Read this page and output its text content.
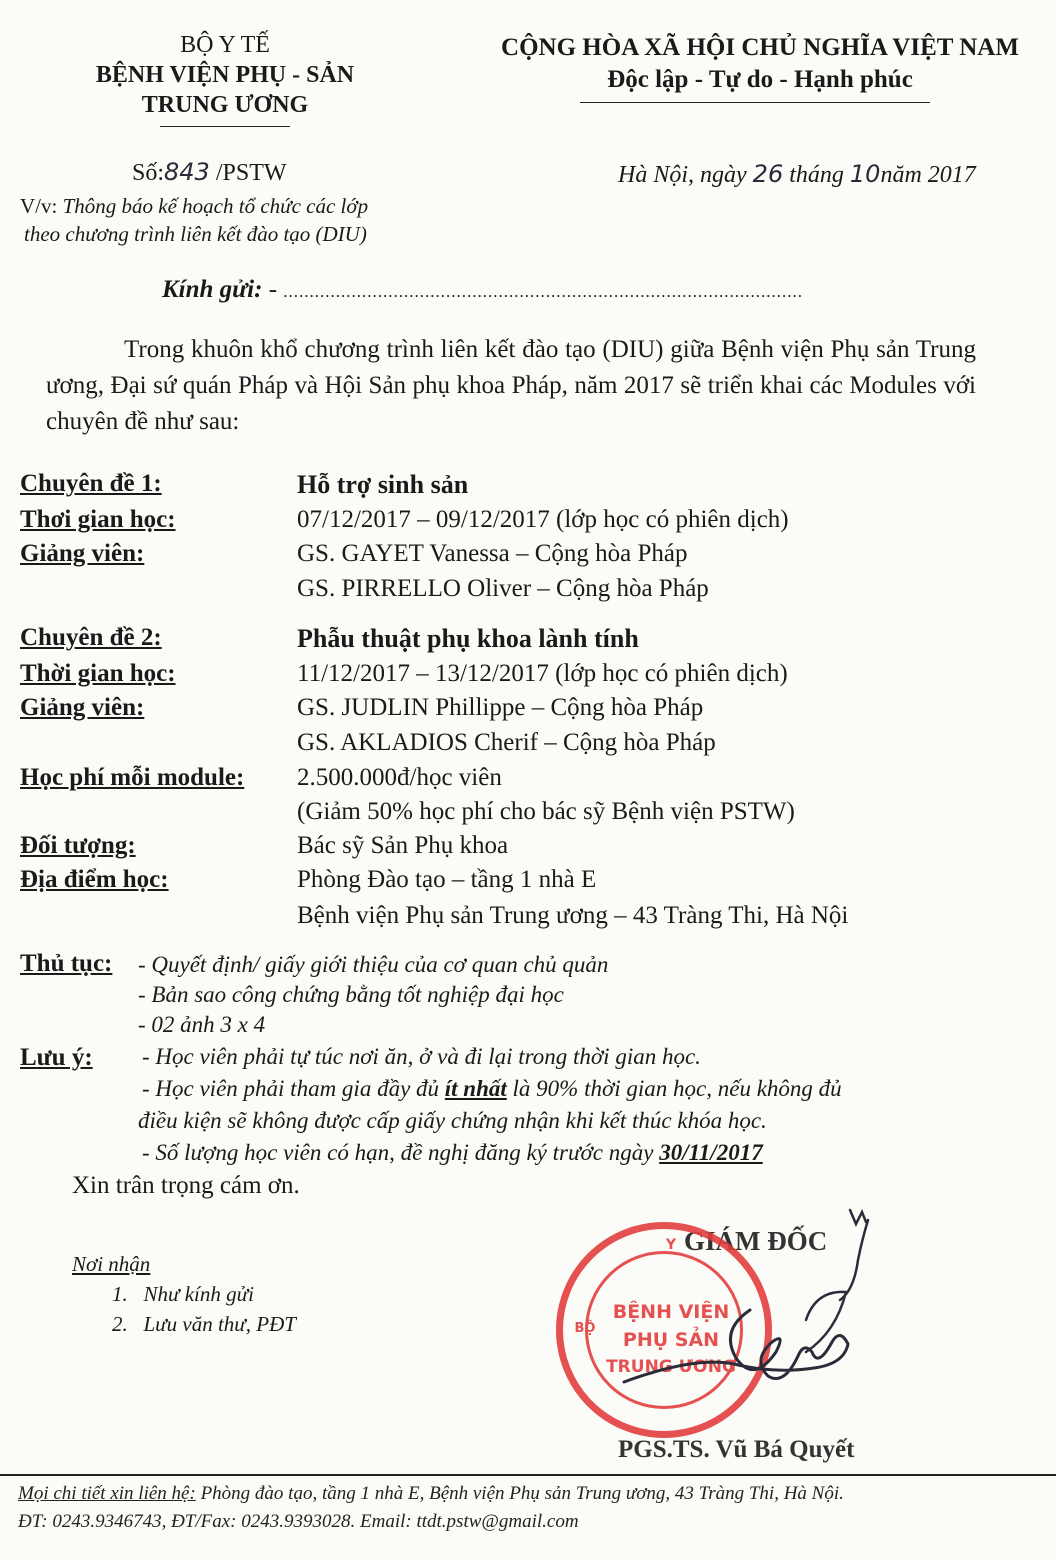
BỘ Y TẾ
BỆNH VIỆN PHỤ - SẢN
TRUNG ƯƠNG
Số:843 /PSTW
V/v: Thông báo kế hoạch tổ chức các lớp
theo chương trình liên kết đào tạo (DIU)
CỘNG HÒA XÃ HỘI CHỦ NGHĨA VIỆT NAM
Độc lập - Tự do - Hạnh phúc
Hà Nội, ngày 26 tháng 10năm 2017
Kính gửi: - ...................................................................................................
Trong khuôn khổ chương trình liên kết đào tạo (DIU) giữa Bệnh viện Phụ sản Trung ương, Đại sứ quán Pháp và Hội Sản phụ khoa Pháp, năm 2017 sẽ triển khai các Modules với chuyên đề như sau:
Chuyên đề 1:	Hỗ trợ sinh sản
Thơi gian học:	07/12/2017 – 09/12/2017 (lớp học có phiên dịch)
Giảng viên:	GS. GAYET Vanessa – Cộng hòa Pháp
GS. PIRRELLO Oliver – Cộng hòa Pháp
Chuyên đề 2:	Phẫu thuật phụ khoa lành tính
Thời gian học:	11/12/2017 – 13/12/2017 (lớp học có phiên dịch)
Giảng viên:	GS. JUDLIN Phillippe – Cộng hòa Pháp
GS. AKLADIOS Cherif – Cộng hòa Pháp
Học phí mỗi module: 2.500.000đ/học viên
(Giảm 50% học phí cho bác sỹ Bệnh viện PSTW)
Đối tượng:	Bác sỹ Sản Phụ khoa
Địa điểm học:	Phòng Đào tạo – tầng 1 nhà E
Bệnh viện Phụ sản Trung ương – 43 Tràng Thi, Hà Nội
Thủ tục: - Quyết định/ giấy giới thiệu của cơ quan chủ quản
- Bản sao công chứng bằng tốt nghiệp đại học
- 02 ảnh 3 x 4
Lưu ý: - Học viên phải tự túc nơi ăn, ở và đi lại trong thời gian học.
- Học viên phải tham gia đầy đủ ít nhất là 90% thời gian học, nếu không đủ
điều kiện sẽ không được cấp giấy chứng nhận khi kết thúc khóa học.
- Số lượng học viên có hạn, đề nghị đăng ký trước ngày 30/11/2017
Xin trân trọng cám ơn.
Nơi nhận
1.   Như kính gửi
2.   Lưu văn thư, PĐT
GIÁM ĐỐC
Y
BỘ
BỆNH VIỆN
PHỤ SẢN
TRUNG ƯƠNG
PGS.TS. Vũ Bá Quyết
Mọi chi tiết xin liên hệ: Phòng đào tạo, tầng 1 nhà E, Bệnh viện Phụ sản Trung ương, 43 Tràng Thi, Hà Nội.
ĐT: 0243.9346743, ĐT/Fax: 0243.9393028. Email: ttdt.pstw@gmail.com
